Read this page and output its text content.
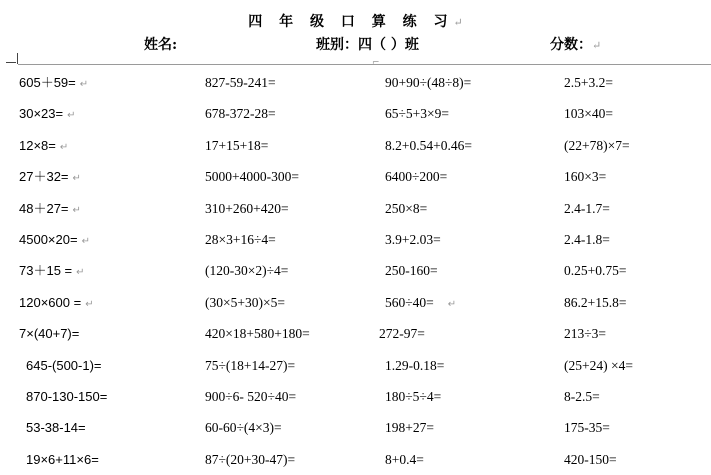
四 年 级 口 算 练 习↵
姓名:	班别：四（ ）班	分数：↵
⌐
605＋59= ↵
30×23= ↵
12×8= ↵
27＋32= ↵
48＋27= ↵
4500×20= ↵
73＋15 = ↵
120×600 = ↵
7×(40+7)=
645-(500-1)=
870-130-150=
53-38-14=
19×6+11×6=
827-59-241=
678-372-28=
17+15+18=
5000+4000-300=
310+260+420=
28×3+16÷4=
(120-30×2)÷4=
(30×5+30)×5=
420×18+580+180=
75÷(18+14-27)=
900÷6- 520÷40=
60-60÷(4×3)=
87÷(20+30-47)=
90+90÷(48÷8)=
65÷5+3×9=
8.2+0.54+0.46=
6400÷200=
250×8=
3.9+2.03=
250-160=
560÷40= ↵
272-97=
1.29-0.18=
180÷5÷4=
198+27=
8+0.4=
2.5+3.2=
103×40=
(22+78)×7=
160×3=
2.4-1.7=
2.4-1.8=
0.25+0.75=
86.2+15.8=
213÷3=
(25+24) ×4=
8-2.5=
175-35=
420-150=
